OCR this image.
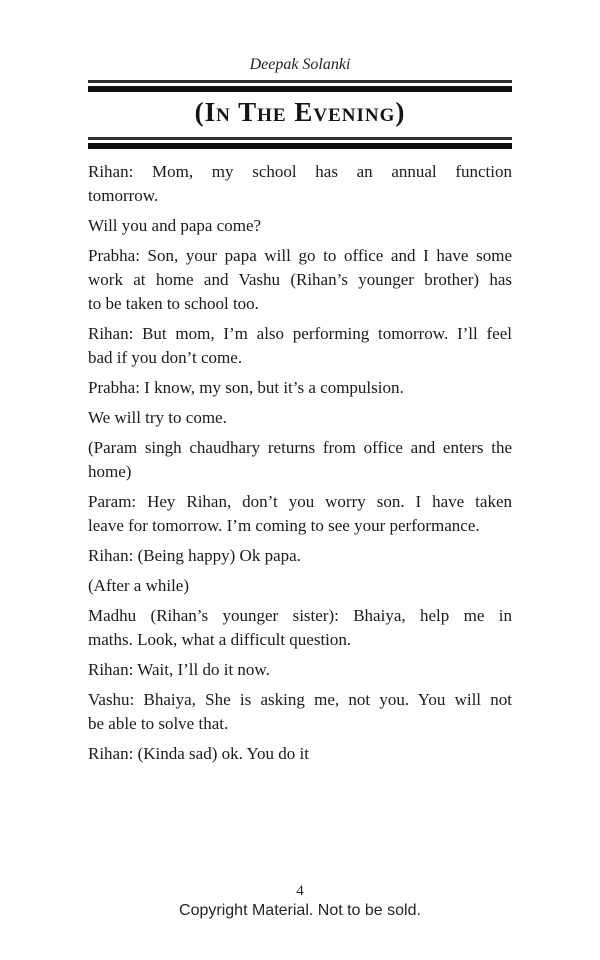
Deepak Solanki
(In The Evening)
Rihan: Mom, my school has an annual function
tomorrow.
Will you and papa come?
Prabha: Son, your papa will go to office and I have some
work at home and Vashu (Rihan’s younger brother) has
to be taken to school too.
Rihan: But mom, I’m also performing tomorrow. I’ll feel
bad if you don’t come.
Prabha: I know, my son, but it’s a compulsion.
We will try to come.
(Param singh chaudhary returns from office and enters the
home)
Param: Hey Rihan, don’t you worry son. I have taken
leave for tomorrow. I’m coming to see your performance.
Rihan: (Being happy) Ok papa.
(After a while)
Madhu (Rihan’s younger sister): Bhaiya, help me in
maths. Look, what a difficult question.
Rihan: Wait, I’ll do it now.
Vashu: Bhaiya, She is asking me, not you. You will not
be able to solve that.
Rihan: (Kinda sad) ok. You do it
4
Copyright Material. Not to be sold.
